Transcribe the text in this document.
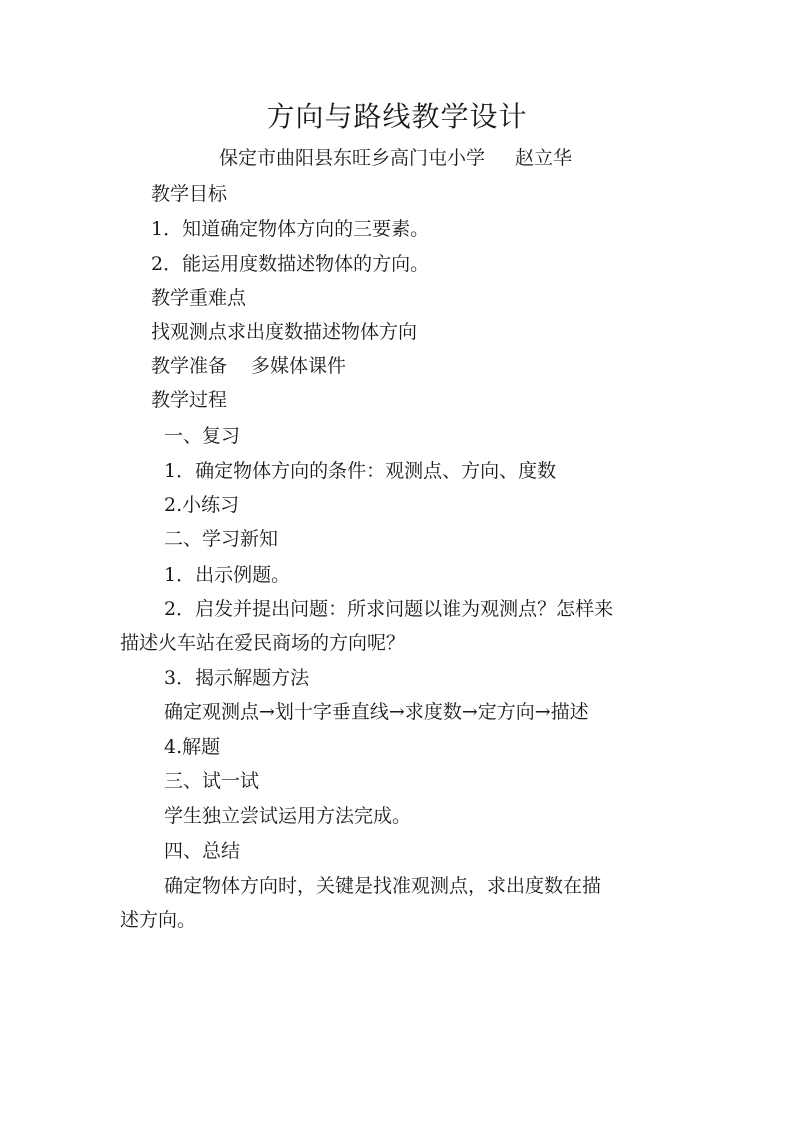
方向与路线教学设计
保定市曲阳县东旺乡高门屯小学 赵立华
教学目标
1．知道确定物体方向的三要素。
2．能运用度数描述物体的方向。
教学重难点
找观测点求出度数描述物体方向
教学准备 多媒体课件
教学过程
一、复习
1．确定物体方向的条件：观测点、方向、度数
2.小练习
二、学习新知
1．出示例题。
2．启发并提出问题：所求问题以谁为观测点？怎样来
描述火车站在爱民商场的方向呢？
3．揭示解题方法
确定观测点→划十字垂直线→求度数→定方向→描述
4.解题
三、试一试
学生独立尝试运用方法完成。
四、总结
确定物体方向时，关键是找准观测点，求出度数在描
述方向。
